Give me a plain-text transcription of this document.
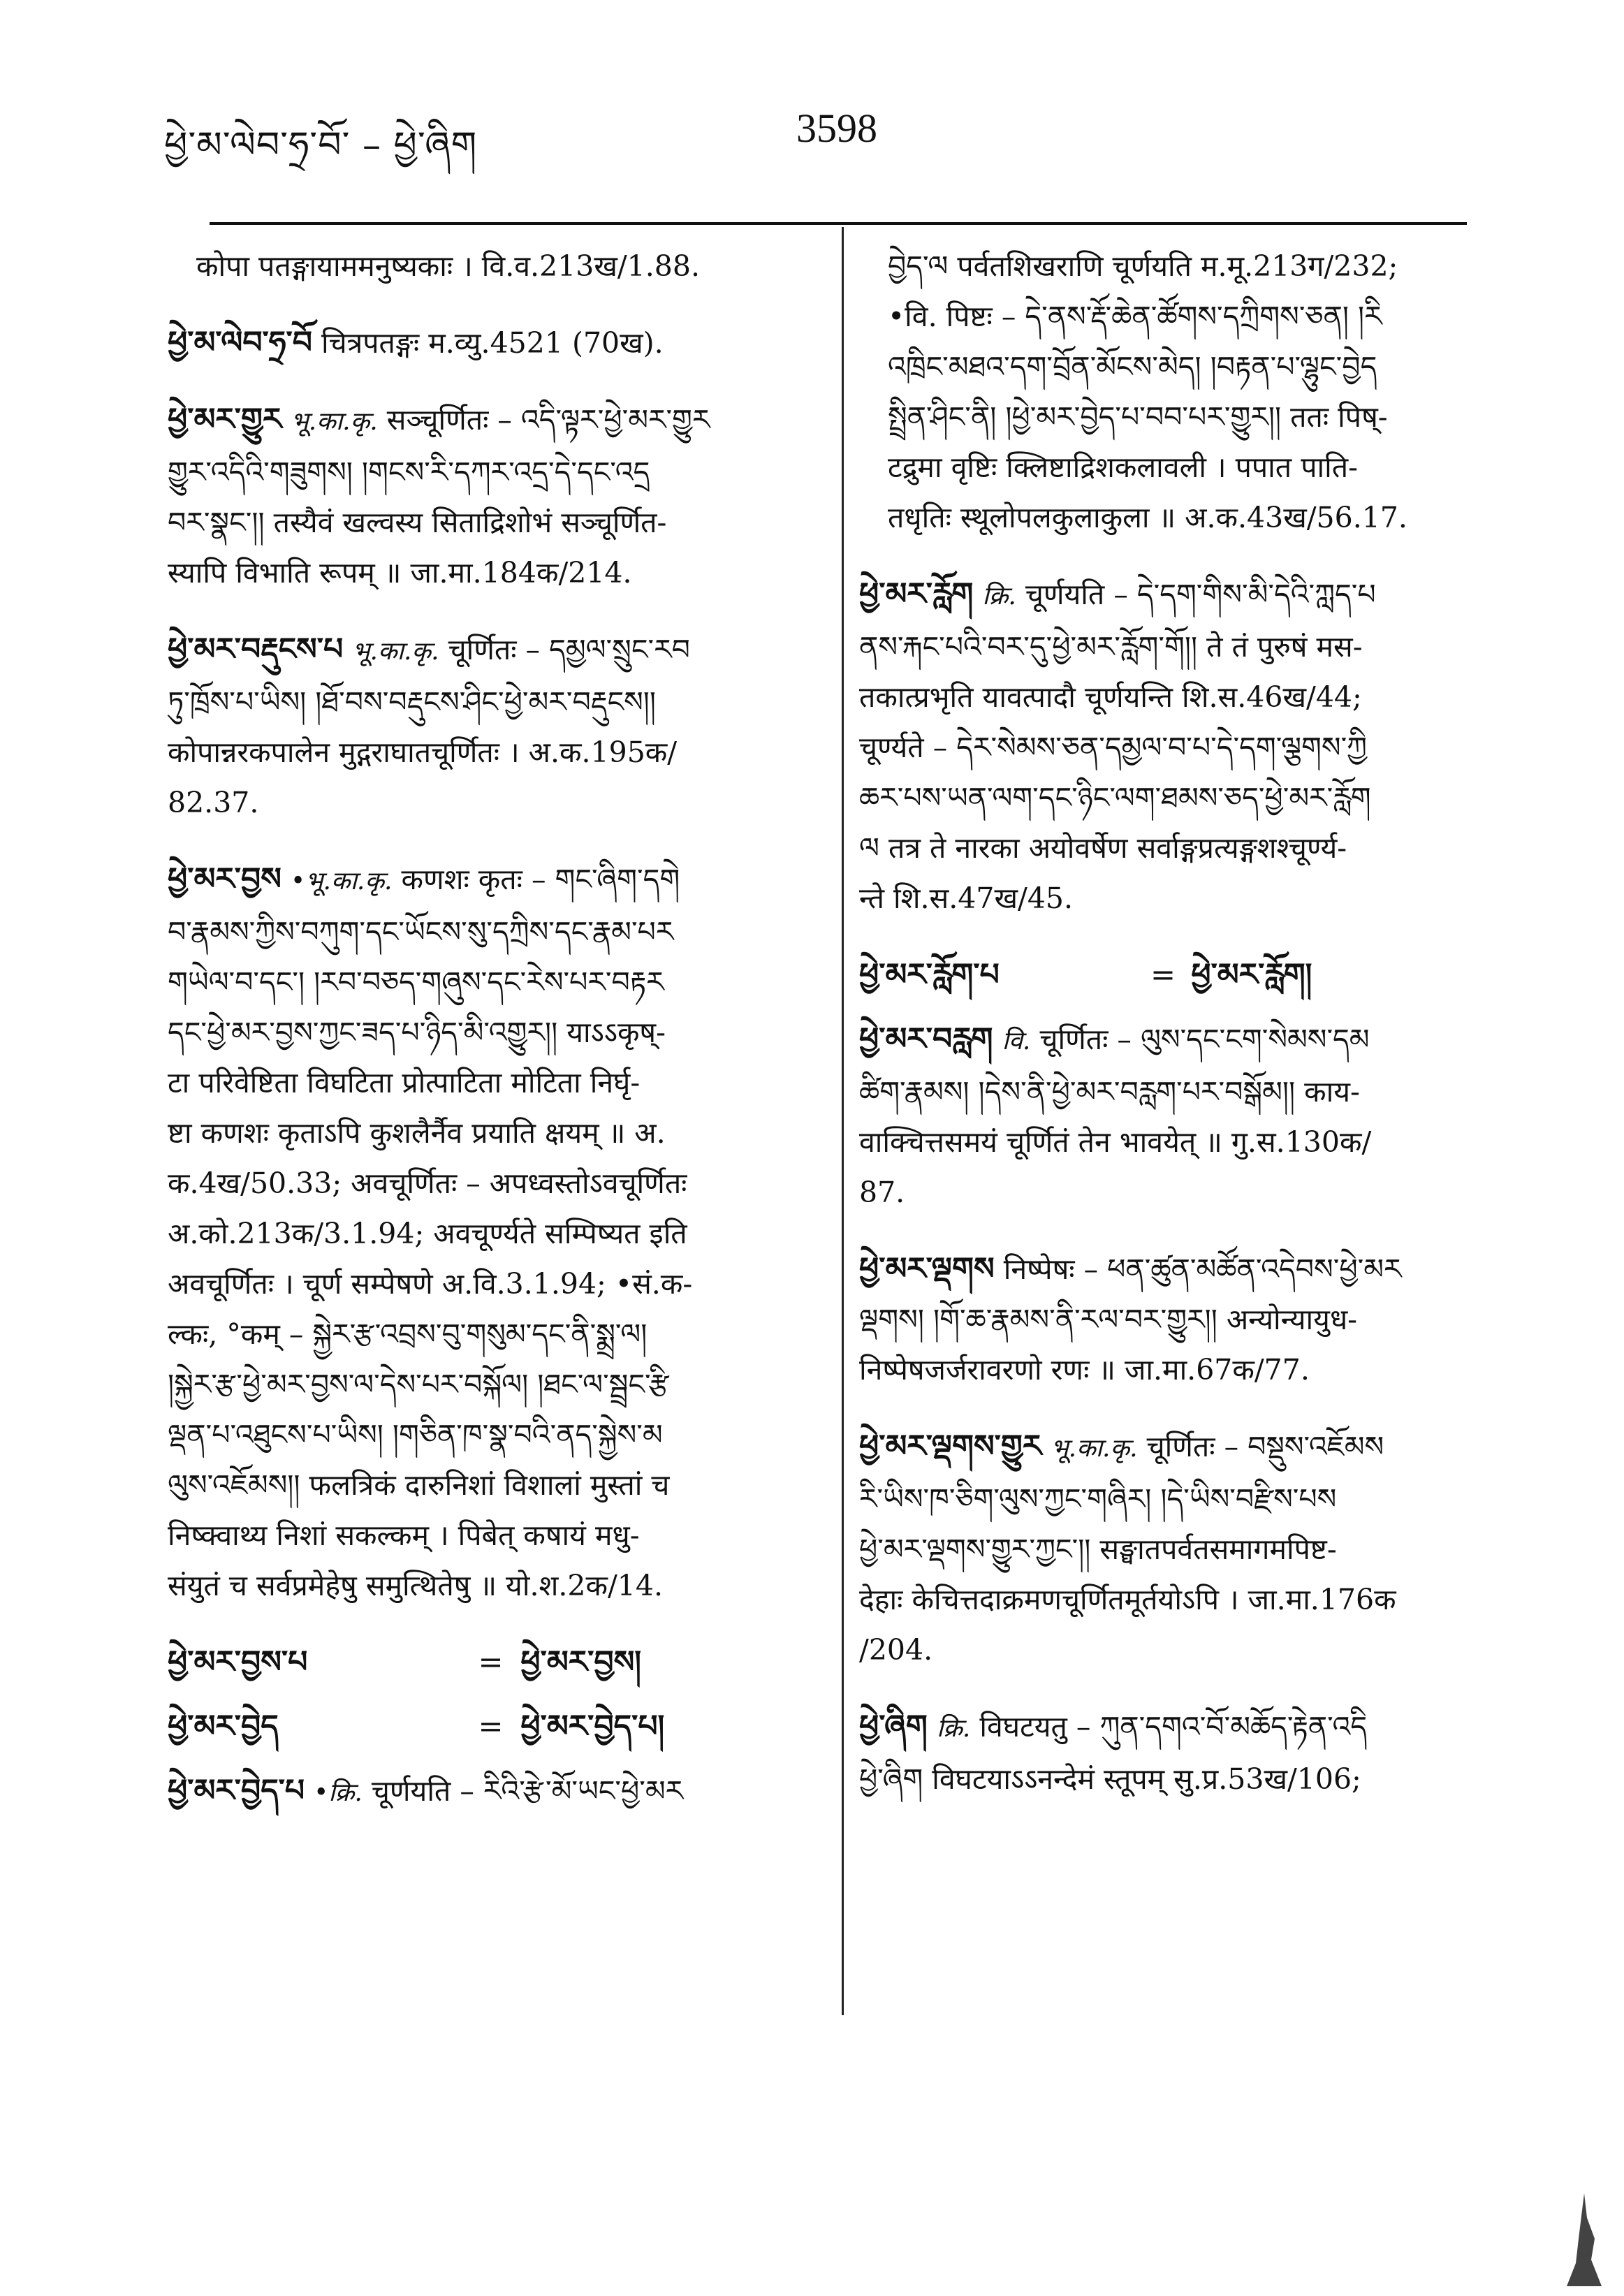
ཕྱེ་མ་ལེབ་ཧྲ་བོ་ – ཕྱེ་ཞིག	3598
कोपा पतङ्गायाममनुष्यकाः । वि.व.213ख/1.88.
ཕྱེ་མ་ལེབ་ཧྲ་བོ चित्रपतङ्गः म.व्यु.4521 (70ख).
ཕྱེ་མར་གྱུར भू.का.कृ. सञ्चूर्णितः – འདི་ལྟར་ཕྱེ་མར་གྱུར
གྱུར་འདིའི་གཟུགས། །གངས་རི་དཀར་འདྲ་དེ་དང་འདྲ
བར་སྣང་།། तस्यैवं खल्वस्य सिताद्रिशोभं सञ्चूर्णित-
स्यापि विभाति रूपम् ॥ जा.मा.184क/214.
ཕྱེ་མར་བརྡུངས་པ भू.का.कृ. चूर्णितः – དམྱལ་སྲུང་རབ
ཏུ་ཁྲོས་པ་ཡིས། །ཐོ་བས་བརྡུངས་ཤིང་ཕྱེ་མར་བརྡུངས།།
कोपान्नरकपालेन मुद्गराघातचूर्णितः । अ.क.195क/
82.37.
ཕྱེ་མར་བྱས •भू.का.कृ. कणशः कृतः – གང་ཞིག་དགེ
བ་རྣམས་ཀྱིས་བཀུག་དང་ཡོངས་སུ་དཀྲིས་དང་རྣམ་པར
གཡེལ་བ་དང་། །རབ་བཅད་གཞུས་དང་རེས་པར་བརྟར
དང་ཕྱེ་མར་བྱས་ཀྱང་ཟད་པ་ཉིད་མི་འགྱུར།། याऽऽकृष्-
टा परिवेष्टिता विघटिता प्रोत्पाटिता मोटिता निर्घृ-
ष्टा कणशः कृताऽपि कुशलैर्नैव प्रयाति क्षयम् ॥ अ.
क.4ख/50.33; अवचूर्णितः – अपध्वस्तोऽवचूर्णितः
अ.को.213क/3.1.94; अवचूर्ण्यते सम्पिष्यत इति
अवचूर्णितः । चूर्ण सम्पेषणे अ.वि.3.1.94; •सं.क-
ल्कः, °कम् – སྐྱེར་རྩ་འབྲས་བུ་གསུམ་དང་ནི་སྨྲ་ལ།
།སྐྱེར་རྩ་ཕྱེ་མར་བྱས་ལ་དེས་པར་བསྐོལ། །ཐང་ལ་སྦྲང་རྩི
ལྡན་པ་འཐུངས་པ་ཡིས། །གཅིན་ཁ་སྣ་བའི་ནད་སྐྱེས་མ
ལུས་འཇོམས།། फलत्रिकं दारुनिशां विशालां मुस्तां च
निष्क्वाथ्य निशां सकल्कम् । पिबेत् कषायं मधु-
संयुतं च सर्वप्रमेहेषु समुत्थितेषु ॥ यो.श.2क/14.
ཕྱེ་མར་བྱས་པ	= ཕྱེ་མར་བྱས།
ཕྱེ་མར་བྱེད	= ཕྱེ་མར་བྱེད་པ།
ཕྱེ་མར་བྱེད་པ •क्रि. चूर्णयति – རིའི་རྩེ་མོ་ཡང་ཕྱེ་མར
བྱེད་ལ पर्वतशिखराणि चूर्णयति म.मू.213ग/232;
•वि. पिष्टः – དེ་ནས་རྡོ་ཆེན་ཚོགས་དཀྲིགས་ཅན། །རི
འཁྲིང་མཐའ་དག་བྲོན་མོངས་མེད། །བརྟན་པ་ལྷུང་བྱེད
སྤྲིན་ཤིང་ནི། །ཕྱེ་མར་བྱེད་པ་བབ་པར་གྱུར།། ततः पिष्-
टद्रुमा वृष्टिः क्लिष्टाद्रिशकलावली । पपात पाति-
तधृतिः स्थूलोपलकुलाकुला ॥ अ.क.43ख/56.17.
ཕྱེ་མར་རློག क्रि. चूर्णयति – དེ་དག་གིས་མི་དེའི་ཀླད་པ
ནས་རྐང་པའི་བར་དུ་ཕྱེ་མར་རློག་གོ།། ते तं पुरुषं मस-
तकात्प्रभृति यावत्पादौ चूर्णयन्ति शि.स.46ख/44;
चूर्ण्यते – དེར་སེམས་ཅན་དམྱལ་བ་པ་དེ་དག་ལྕགས་ཀྱི
ཆར་པས་ཡན་ལག་དང་ཉིང་ལག་ཐམས་ཅད་ཕྱེ་མར་རློག
ལ तत्र ते नारका अयोवर्षेण सर्वाङ्गप्रत्यङ्गशश्चूर्ण्य-
न्ते शि.स.47ख/45.
ཕྱེ་མར་རློག་པ	= ཕྱེ་མར་རློག།
ཕྱེ་མར་བརླག वि. चूर्णितः – ལུས་དང་ངག་སེམས་དམ
ཚིག་རྣམས། །དེས་ནི་ཕྱེ་མར་བརླག་པར་བསྒོམ།། काय-
वाक्चित्तसमयं चूर्णितं तेन भावयेत् ॥ गु.स.130क/
87.
ཕྱེ་མར་ལྡགས निष्पेषः – ཕན་ཚུན་མཚོན་འདེབས་ཕྱེ་མར
ལྡགས། །གོ་ཆ་རྣམས་ནི་རལ་བར་གྱུར།། अन्योन्यायुध-
निष्पेषजर्जरावरणो रणः ॥ जा.मा.67क/77.
ཕྱེ་མར་ལྡགས་གྱུར भू.का.कृ. चूर्णितः – བསྡུས་འཇོམས
རི་ཡིས་ཁ་ཅིག་ལུས་ཀྱང་གཞིར། །དེ་ཡིས་བརྫིས་པས
ཕྱེ་མར་ལྡགས་གྱུར་ཀྱང་།། सङ्घातपर्वतसमागमपिष्ट-
देहाः केचित्तदाक्रमणचूर्णितमूर्तयोऽपि । जा.मा.176क
/204.
ཕྱེ་ཞིག क्रि. विघटयतु – ཀུན་དགའ་བོ་མཆོད་རྟེན་འདི
ཕྱེ་ཞིག विघटयाऽऽनन्देमं स्तूपम् सु.प्र.53ख/106;
